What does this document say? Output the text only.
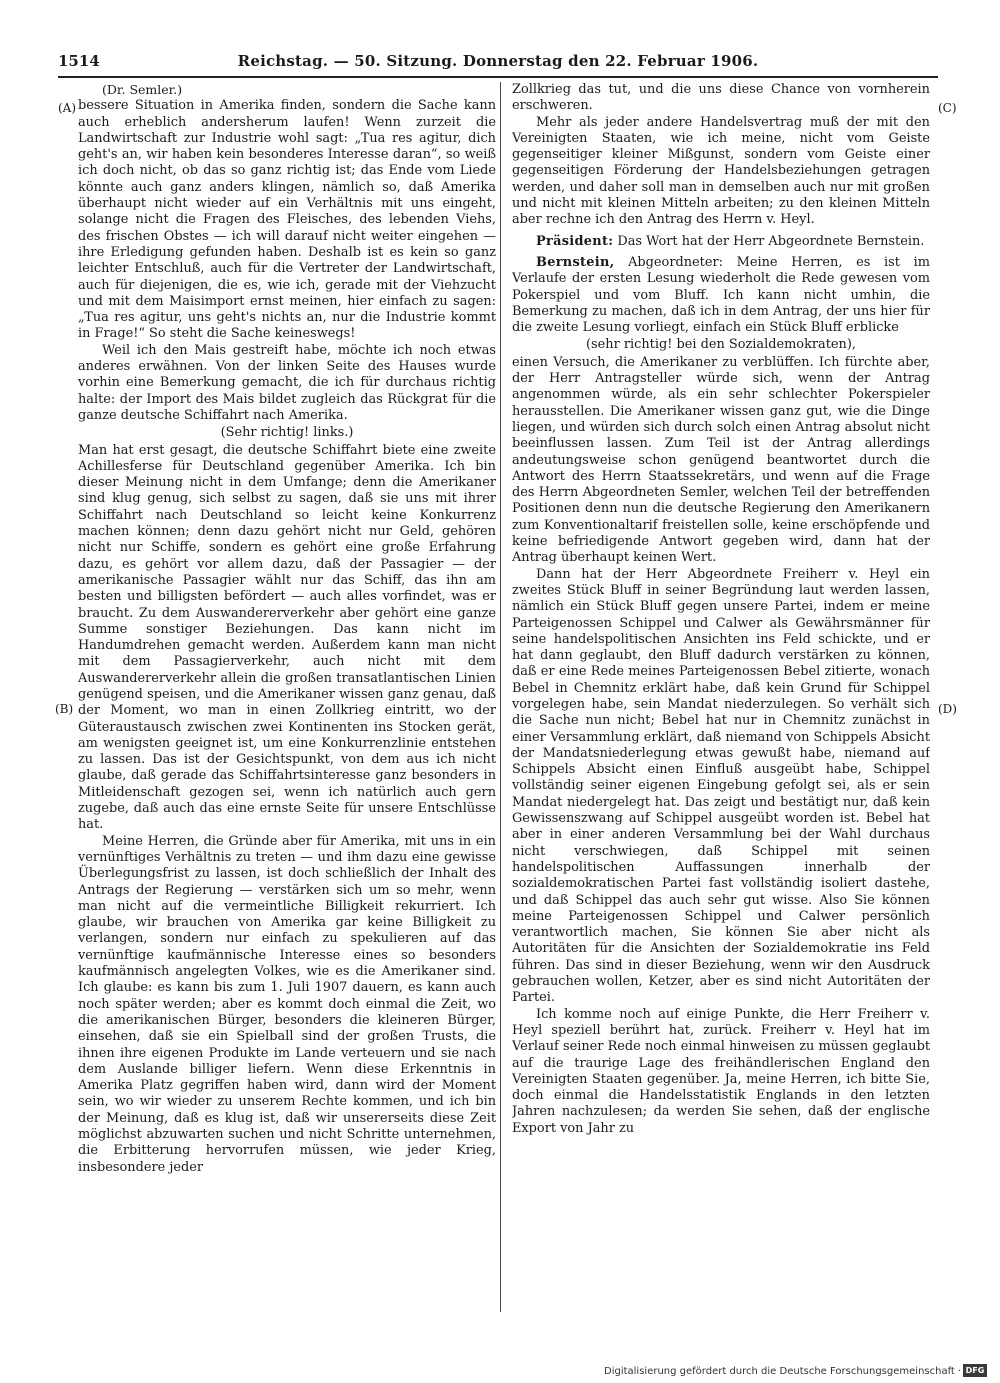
1514	Reichstag. — 50. Sitzung. Donnerstag den 22. Februar 1906.
(A)
(B)
(C)
(D)

(Dr. Semler.)

bessere Situation in Amerika finden, sondern die Sache kann auch erheblich andersherum laufen! Wenn zurzeit die Landwirtschaft zur Industrie wohl sagt: „Tua res agitur, dich geht's an, wir haben kein besonderes Interesse daran“, so weiß ich doch nicht, ob das so ganz richtig ist; das Ende vom Liede könnte auch ganz anders klingen, nämlich so, daß Amerika überhaupt nicht wieder auf ein Verhältnis mit uns eingeht, solange nicht die Fragen des Fleisches, des lebenden Viehs, des frischen Obstes — ich will darauf nicht weiter eingehen — ihre Erledigung gefunden haben. Deshalb ist es kein so ganz leichter Entschluß, auch für die Vertreter der Landwirtschaft, auch für diejenigen, die es, wie ich, gerade mit der Viehzucht und mit dem Maisimport ernst meinen, hier einfach zu sagen: „Tua res agitur, uns geht's nichts an, nur die Industrie kommt in Frage!“ So steht die Sache keineswegs!

Weil ich den Mais gestreift habe, möchte ich noch etwas anderes erwähnen. Von der linken Seite des Hauses wurde vorhin eine Bemerkung gemacht, die ich für durchaus richtig halte: der Import des Mais bildet zugleich das Rückgrat für die ganze deutsche Schiffahrt nach Amerika.

(Sehr richtig! links.)

Man hat erst gesagt, die deutsche Schiffahrt biete eine zweite Achillesferse für Deutschland gegenüber Amerika. Ich bin dieser Meinung nicht in dem Umfange; denn die Amerikaner sind klug genug, sich selbst zu sagen, daß sie uns mit ihrer Schiffahrt nach Deutschland so leicht keine Konkurrenz machen können; denn dazu gehört nicht nur Geld, gehören nicht nur Schiffe, sondern es gehört eine große Erfahrung dazu, es gehört vor allem dazu, daß der Passagier — der amerikanische Passagier wählt nur das Schiff, das ihn am besten und billigsten befördert — auch alles vorfindet, was er braucht. Zu dem Auswandererverkehr aber gehört eine ganze Summe sonstiger Beziehungen. Das kann nicht im Handumdrehen gemacht werden. Außerdem kann man nicht mit dem Passagierverkehr, auch nicht mit dem Auswandererverkehr allein die großen transatlantischen Linien genügend speisen, und die Amerikaner wissen ganz genau, daß der Moment, wo man in einen Zollkrieg eintritt, wo der Güteraustausch zwischen zwei Kontinenten ins Stocken gerät, am wenigsten geeignet ist, um eine Konkurrenzlinie entstehen zu lassen. Das ist der Gesichtspunkt, von dem aus ich nicht glaube, daß gerade das Schiffahrtsinteresse ganz besonders in Mitleidenschaft gezogen sei, wenn ich natürlich auch gern zugebe, daß auch das eine ernste Seite für unsere Entschlüsse hat.

Meine Herren, die Gründe aber für Amerika, mit uns in ein vernünftiges Verhältnis zu treten — und ihm dazu eine gewisse Überlegungsfrist zu lassen, ist doch schließlich der Inhalt des Antrags der Regierung — verstärken sich um so mehr, wenn man nicht auf die vermeintliche Billigkeit rekurriert. Ich glaube, wir brauchen von Amerika gar keine Billigkeit zu verlangen, sondern nur einfach zu spekulieren auf das vernünftige kaufmännische Interesse eines so besonders kaufmännisch angelegten Volkes, wie es die Amerikaner sind. Ich glaube: es kann bis zum 1. Juli 1907 dauern, es kann auch noch später werden; aber es kommt doch einmal die Zeit, wo die amerikanischen Bürger, besonders die kleineren Bürger, einsehen, daß sie ein Spielball sind der großen Trusts, die ihnen ihre eigenen Produkte im Lande verteuern und sie nach dem Auslande billiger liefern. Wenn diese Erkenntnis in Amerika Platz gegriffen haben wird, dann wird der Moment sein, wo wir wieder zu unserem Rechte kommen, und ich bin der Meinung, daß es klug ist, daß wir unsererseits diese Zeit möglichst abzuwarten suchen und nicht Schritte unternehmen, die Erbitterung hervorrufen müssen, wie jeder Krieg, insbesondere jeder

Zollkrieg das tut, und die uns diese Chance von vornherein erschweren.

Mehr als jeder andere Handelsvertrag muß der mit den Vereinigten Staaten, wie ich meine, nicht vom Geiste gegenseitiger kleiner Mißgunst, sondern vom Geiste einer gegenseitigen Förderung der Handelsbeziehungen getragen werden, und daher soll man in demselben auch nur mit großen und nicht mit kleinen Mitteln arbeiten; zu den kleinen Mitteln aber rechne ich den Antrag des Herrn v. Heyl.

Präsident: Das Wort hat der Herr Abgeordnete Bernstein.

Bernstein, Abgeordneter: Meine Herren, es ist im Verlaufe der ersten Lesung wiederholt die Rede gewesen vom Pokerspiel und vom Bluff. Ich kann nicht umhin, die Bemerkung zu machen, daß ich in dem Antrag, der uns hier für die zweite Lesung vorliegt, einfach ein Stück Bluff erblicke

(sehr richtig! bei den Sozialdemokraten),

einen Versuch, die Amerikaner zu verblüffen. Ich fürchte aber, der Herr Antragsteller würde sich, wenn der Antrag angenommen würde, als ein sehr schlechter Pokerspieler herausstellen. Die Amerikaner wissen ganz gut, wie die Dinge liegen, und würden sich durch solch einen Antrag absolut nicht beeinflussen lassen. Zum Teil ist der Antrag allerdings andeutungsweise schon genügend beantwortet durch die Antwort des Herrn Staatssekretärs, und wenn auf die Frage des Herrn Abgeordneten Semler, welchen Teil der betreffenden Positionen denn nun die deutsche Regierung den Amerikanern zum Konventionaltarif freistellen solle, keine erschöpfende und keine befriedigende Antwort gegeben wird, dann hat der Antrag überhaupt keinen Wert.

Dann hat der Herr Abgeordnete Freiherr v. Heyl ein zweites Stück Bluff in seiner Begründung laut werden lassen, nämlich ein Stück Bluff gegen unsere Partei, indem er meine Parteigenossen Schippel und Calwer als Gewährsmänner für seine handelspolitischen Ansichten ins Feld schickte, und er hat dann geglaubt, den Bluff dadurch verstärken zu können, daß er eine Rede meines Parteigenossen Bebel zitierte, wonach Bebel in Chemnitz erklärt habe, daß kein Grund für Schippel vorgelegen habe, sein Mandat niederzulegen. So verhält sich die Sache nun nicht; Bebel hat nur in Chemnitz zunächst in einer Versammlung erklärt, daß niemand von Schippels Absicht der Mandatsniederlegung etwas gewußt habe, niemand auf Schippels Absicht einen Einfluß ausgeübt habe, Schippel vollständig seiner eigenen Eingebung gefolgt sei, als er sein Mandat niedergelegt hat. Das zeigt und bestätigt nur, daß kein Gewissenszwang auf Schippel ausgeübt worden ist. Bebel hat aber in einer anderen Versammlung bei der Wahl durchaus nicht verschwiegen, daß Schippel mit seinen handelspolitischen Auffassungen innerhalb der sozialdemokratischen Partei fast vollständig isoliert dastehe, und daß Schippel das auch sehr gut wisse. Also Sie können meine Parteigenossen Schippel und Calwer persönlich verantwortlich machen, Sie können Sie aber nicht als Autoritäten für die Ansichten der Sozialdemokratie ins Feld führen. Das sind in dieser Beziehung, wenn wir den Ausdruck gebrauchen wollen, Ketzer, aber es sind nicht Autoritäten der Partei.

Ich komme noch auf einige Punkte, die Herr Freiherr v. Heyl speziell berührt hat, zurück. Freiherr v. Heyl hat im Verlauf seiner Rede noch einmal hinweisen zu müssen geglaubt auf die traurige Lage des freihändlerischen England den Vereinigten Staaten gegenüber. Ja, meine Herren, ich bitte Sie, doch einmal die Handelsstatistik Englands in den letzten Jahren nachzulesen; da werden Sie sehen, daß der englische Export von Jahr zu

Digitalisierung gefördert durch die Deutsche Forschungsgemeinschaft · DFG
